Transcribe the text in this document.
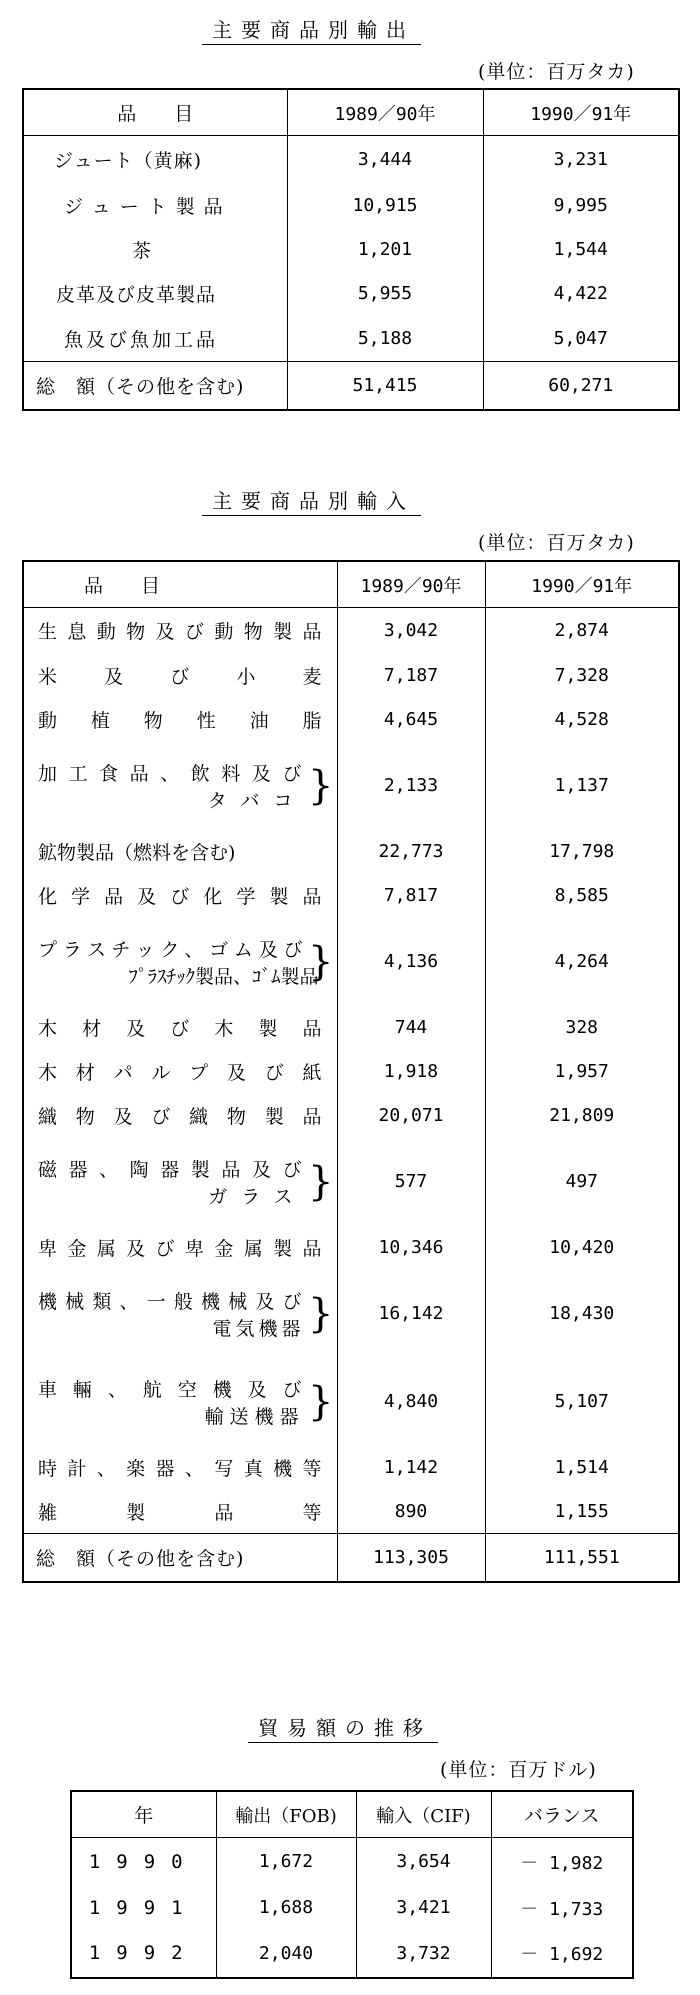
主要商品別輸出
(単位：百万タカ)
品　　目	1989／90年	1990／91年
ジュート（黄麻)	3,444	3,231
ジュート製品	10,915	9,995
茶	1,201	1,544
皮革及び皮革製品	5,955	4,422
魚及び魚加工品	5,188	5,047
総　額（その他を含む)	51,415	60,271
主要商品別輸入
(単位：百万タカ)
品　　目	1989／90年	1990／91年
生息動物及び動物製品	3,042	2,874
米及び小麦	7,187	7,328
動植物性油脂	4,645	4,528

加工食品、飲料及び
タバコ }	2,133	1,137
鉱物製品（燃料を含む)	22,773	17,798
化学品及び化学製品	7,817	8,585

プラスチック、ゴム及び
ﾌﾟﾗｽﾁｯｸ製品、ｺﾞﾑ製品
}	4,136	4,264
木材及び木製品	744	328
木材パルプ及び紙	1,918	1,957
織物及び織物製品	20,071	21,809

磁器、陶器製品及び
ガラス }	577	497
卑金属及び卑金属製品	10,346	10,420

機械類、一般機械及び
電気機器 }	16,142	18,430

車輛、航空機及び
輸送機器 }	4,840	5,107
時計、楽器、写真機等	1,142	1,514
雑製品等	890	1,155
総　額（その他を含む)	113,305	111,551
貿易額の推移
(単位：百万ドル)
年	輸出（FOB)	輸入（CIF)	バランス
1990	1,672	3,654	－ 1,982
1991	1,688	3,421	－ 1,733
1992	2,040	3,732	－ 1,692
